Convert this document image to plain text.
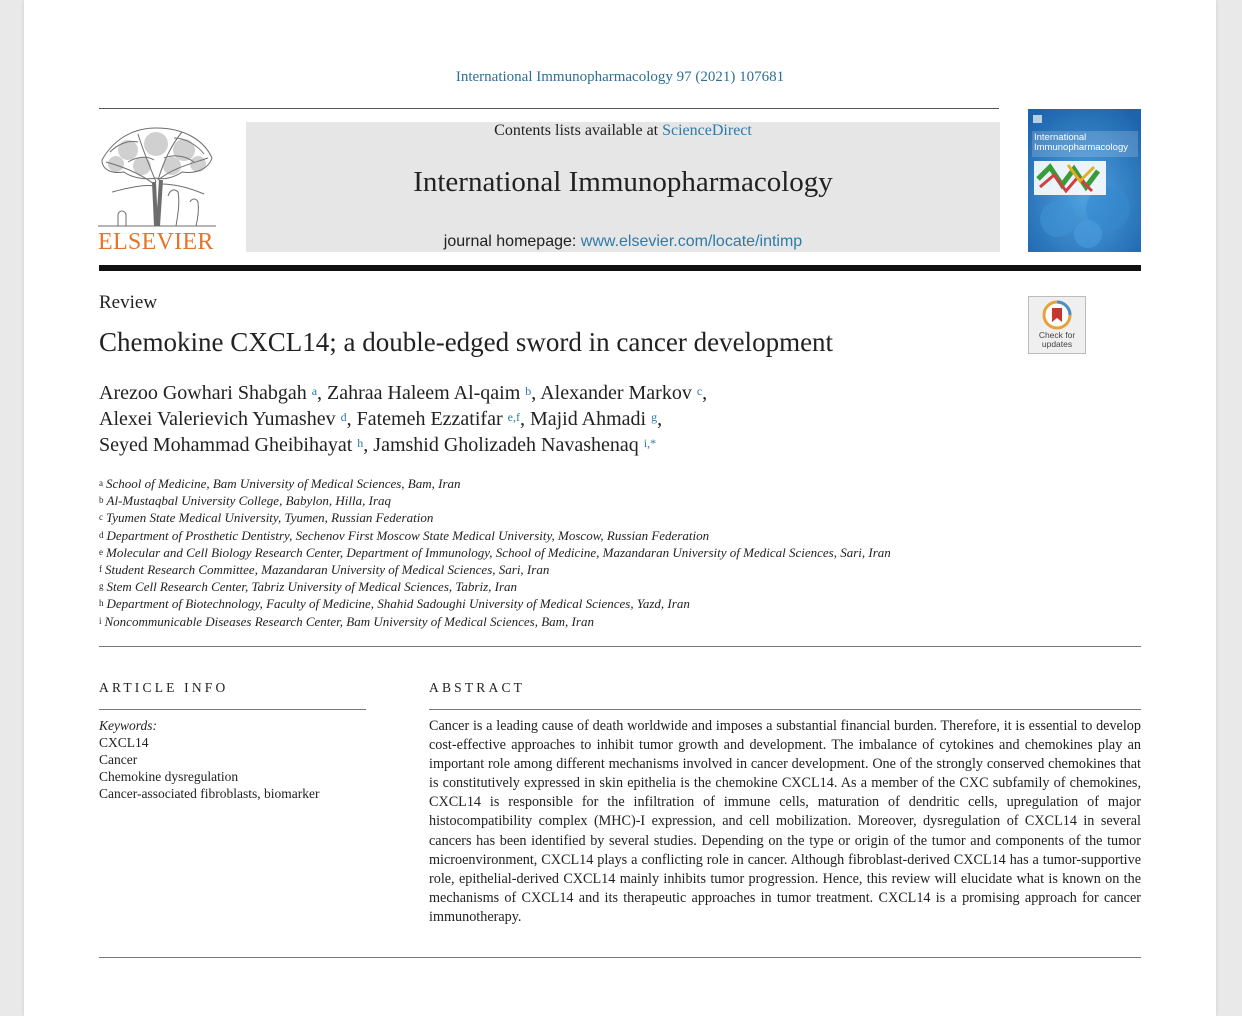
International Immunopharmacology 97 (2021) 107681
ELSEVIER
Contents lists available at ScienceDirect
International Immunopharmacology
journal homepage: www.elsevier.com/locate/intimp
International
Immunopharmacology
Check for
updates
Review
Chemokine CXCL14; a double-edged sword in cancer development
Arezoo Gowhari Shabgah $^a$, Zahraa Haleem Al-qaim $^b$, Alexander Markov $^c$,
Alexei Valerievich Yumashev $^d$, Fatemeh Ezzatifar $^{e,f}$, Majid Ahmadi $^g$,
Seyed Mohammad Gheibihayat $^h$, Jamshid Gholizadeh Navashenaq $^{i,*}$
$^a$ School of Medicine, Bam University of Medical Sciences, Bam, Iran
$^b$ Al-Mustaqbal University College, Babylon, Hilla, Iraq
$^c$ Tyumen State Medical University, Tyumen, Russian Federation
$^d$ Department of Prosthetic Dentistry, Sechenov First Moscow State Medical University, Moscow, Russian Federation
$^e$ Molecular and Cell Biology Research Center, Department of Immunology, School of Medicine, Mazandaran University of Medical Sciences, Sari, Iran
$^f$ Student Research Committee, Mazandaran University of Medical Sciences, Sari, Iran
$^g$ Stem Cell Research Center, Tabriz University of Medical Sciences, Tabriz, Iran
$^h$ Department of Biotechnology, Faculty of Medicine, Shahid Sadoughi University of Medical Sciences, Yazd, Iran
$^i$ Noncommunicable Diseases Research Center, Bam University of Medical Sciences, Bam, Iran
ARTICLE INFO	ABSTRACT
Keywords:
CXCL14
Cancer
Chemokine dysregulation
Cancer-associated fibroblasts, biomarker
Cancer is a leading cause of death worldwide and imposes a substantial financial burden. Therefore, it is essential to develop cost-effective approaches to inhibit tumor growth and development. The imbalance of cytokines and chemokines play an important role among different mechanisms involved in cancer development. One of the strongly conserved chemokines that is constitutively expressed in skin epithelia is the chemokine CXCL14. As a member of the CXC subfamily of chemokines, CXCL14 is responsible for the infiltration of immune cells, maturation of dendritic cells, upregulation of major histocompatibility complex (MHC)-I expression, and cell mobilization. Moreover, dysregulation of CXCL14 in several cancers has been identified by several studies. Depending on the type or origin of the tumor and components of the tumor microenvironment, CXCL14 plays a conflicting role in cancer. Although fibroblast-derived CXCL14 has a tumor-supportive role, epithelial-derived CXCL14 mainly inhibits tumor progression. Hence, this review will elucidate what is known on the mechanisms of CXCL14 and its therapeutic approaches in tumor treatment. CXCL14 is a promising approach for cancer immunotherapy.
